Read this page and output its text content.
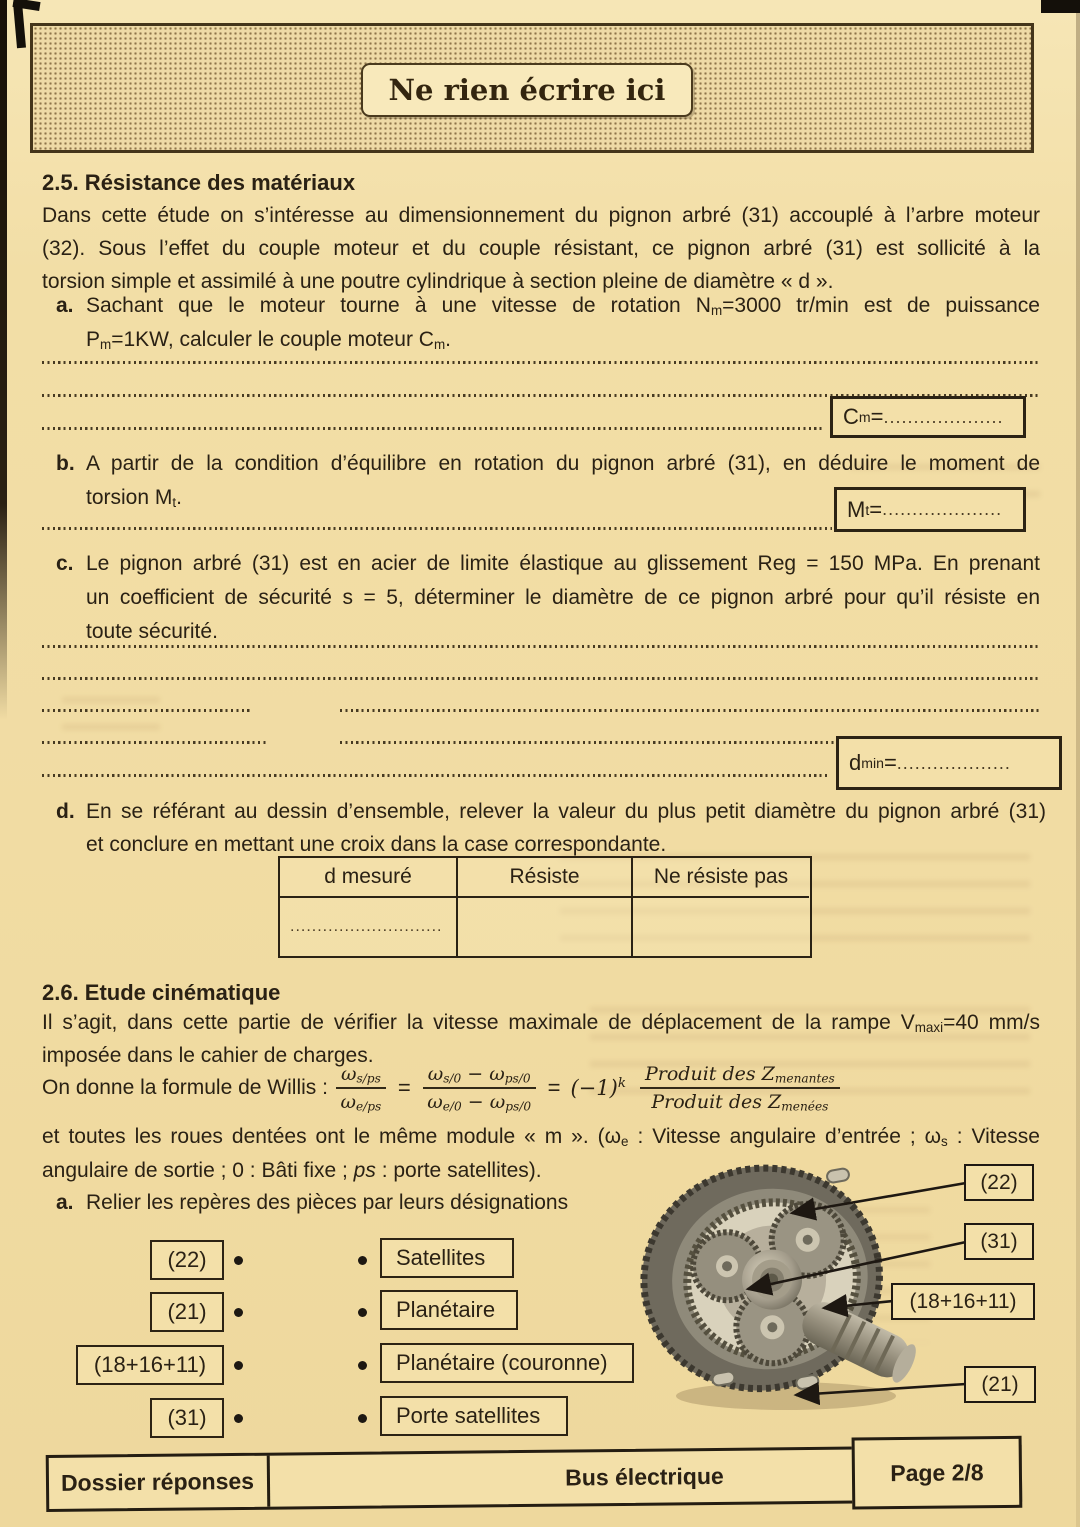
Ne rien écrire ici
2.5. Résistance des matériaux
Dans cette étude on s’intéresse au dimensionnement du pignon arbré (31) accouplé à l’arbre moteur
(32). Sous l’effet du couple moteur et du couple résistant, ce pignon arbré (31) est sollicité à la
torsion simple et assimilé à une poutre cylindrique à section pleine de diamètre « d ».
a. Sachant que le moteur tourne à une vitesse de rotation $N_m=3000$ tr/min est de puissance
$P_m=1KW$, calculer le couple moteur $C_m$.
C m = ....................
b. A partir de la condition d’équilibre en rotation du pignon arbré (31), en déduire le moment de
torsion $M_t$.	M t = ....................
c. Le pignon arbré (31) est en acier de limite élastique au glissement Reg = 150 MPa. En prenant
un coefficient de sécurité s = 5, déterminer le diamètre de ce pignon arbré pour qu’il résiste en
toute sécurité.
d min = ...................
d. En se référant au dessin d’ensemble, relever la valeur du plus petit diamètre du pignon arbré (31)
et conclure en mettant une croix dans la case correspondante.
d mesuré	Résiste	Ne résiste pas
............................
2.6. Etude cinématique
Il s’agit, dans cette partie de vérifier la vitesse maximale de déplacement de la rampe $V_{maxi}=40$ mm/s
imposée dans le cahier de charges.
On donne la formule de Willis : $\frac{\omega_{s/ps}}{\omega_{e/ps}} = \frac{\omega_{s/0} - \omega_{ps/0}}{\omega_{e/0} - \omega_{ps/0}} = (-1)^k \frac{Produit des Z_{menantes}}{Produit des Z_{menées}}$
et toutes les roues dentées ont le même module « m ». ($\omega_e$ : Vitesse angulaire d’entrée ; $\omega_s$ : Vitesse
angulaire de sortie ; 0 : Bâti fixe ; ps : porte satellites).
a. Relier les repères des pièces par leurs désignations
(22)
(21)
(18+16+11)
(31)
Satellites
Planétaire
Planétaire (couronne)
Porte satellites
(22)
(31)
(18+16+11)
(21)
Dossier réponses	Bus électrique	Page 2/8
